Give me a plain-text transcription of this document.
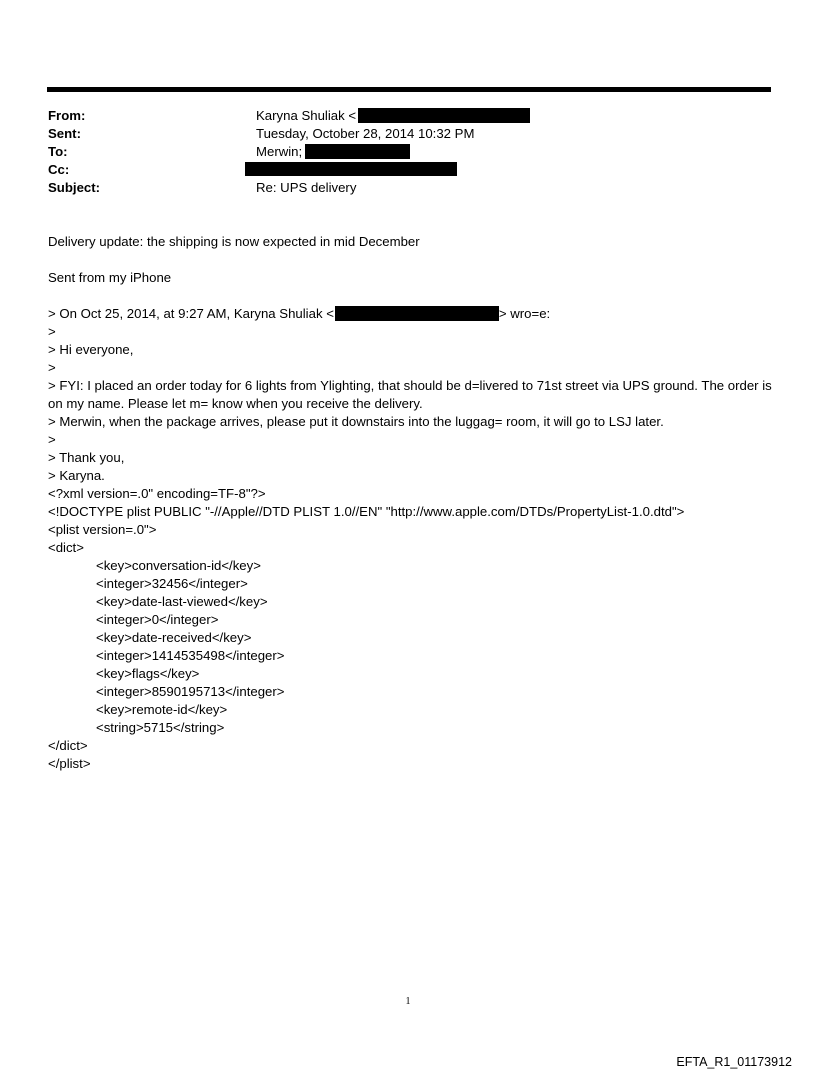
From:	Karyna Shuliak <
Sent:	Tuesday, October 28, 2014 10:32 PM
To:	Merwin;
Cc:
Subject:	Re: UPS delivery
Delivery update: the shipping is now expected in mid December
Sent from my iPhone
> On Oct 25, 2014, at 9:27 AM, Karyna Shuliak <	> wro=e:
>
> Hi everyone,
>
> FYI: I placed an order today for 6 lights from Ylighting, that should be d=livered to 71st street via UPS ground. The order is on my name. Please let m= know when you receive the delivery.
> Merwin, when the package arrives, please put it downstairs into the luggag= room, it will go to LSJ later.
>
> Thank you,
> Karyna.
<?xml version=.0" encoding=TF-8"?>
<!DOCTYPE plist PUBLIC "-//Apple//DTD PLIST 1.0//EN" "http://www.apple.com/DTDs/PropertyList-1.0.dtd">
<plist version=.0">
<dict>
<key>conversation-id</key>
<integer>32456</integer>
<key>date-last-viewed</key>
<integer>0</integer>
<key>date-received</key>
<integer>1414535498</integer>
<key>flags</key>
<integer>8590195713</integer>
<key>remote-id</key>
<string>5715</string>
</dict>
</plist>
1
EFTA_R1_01173912
